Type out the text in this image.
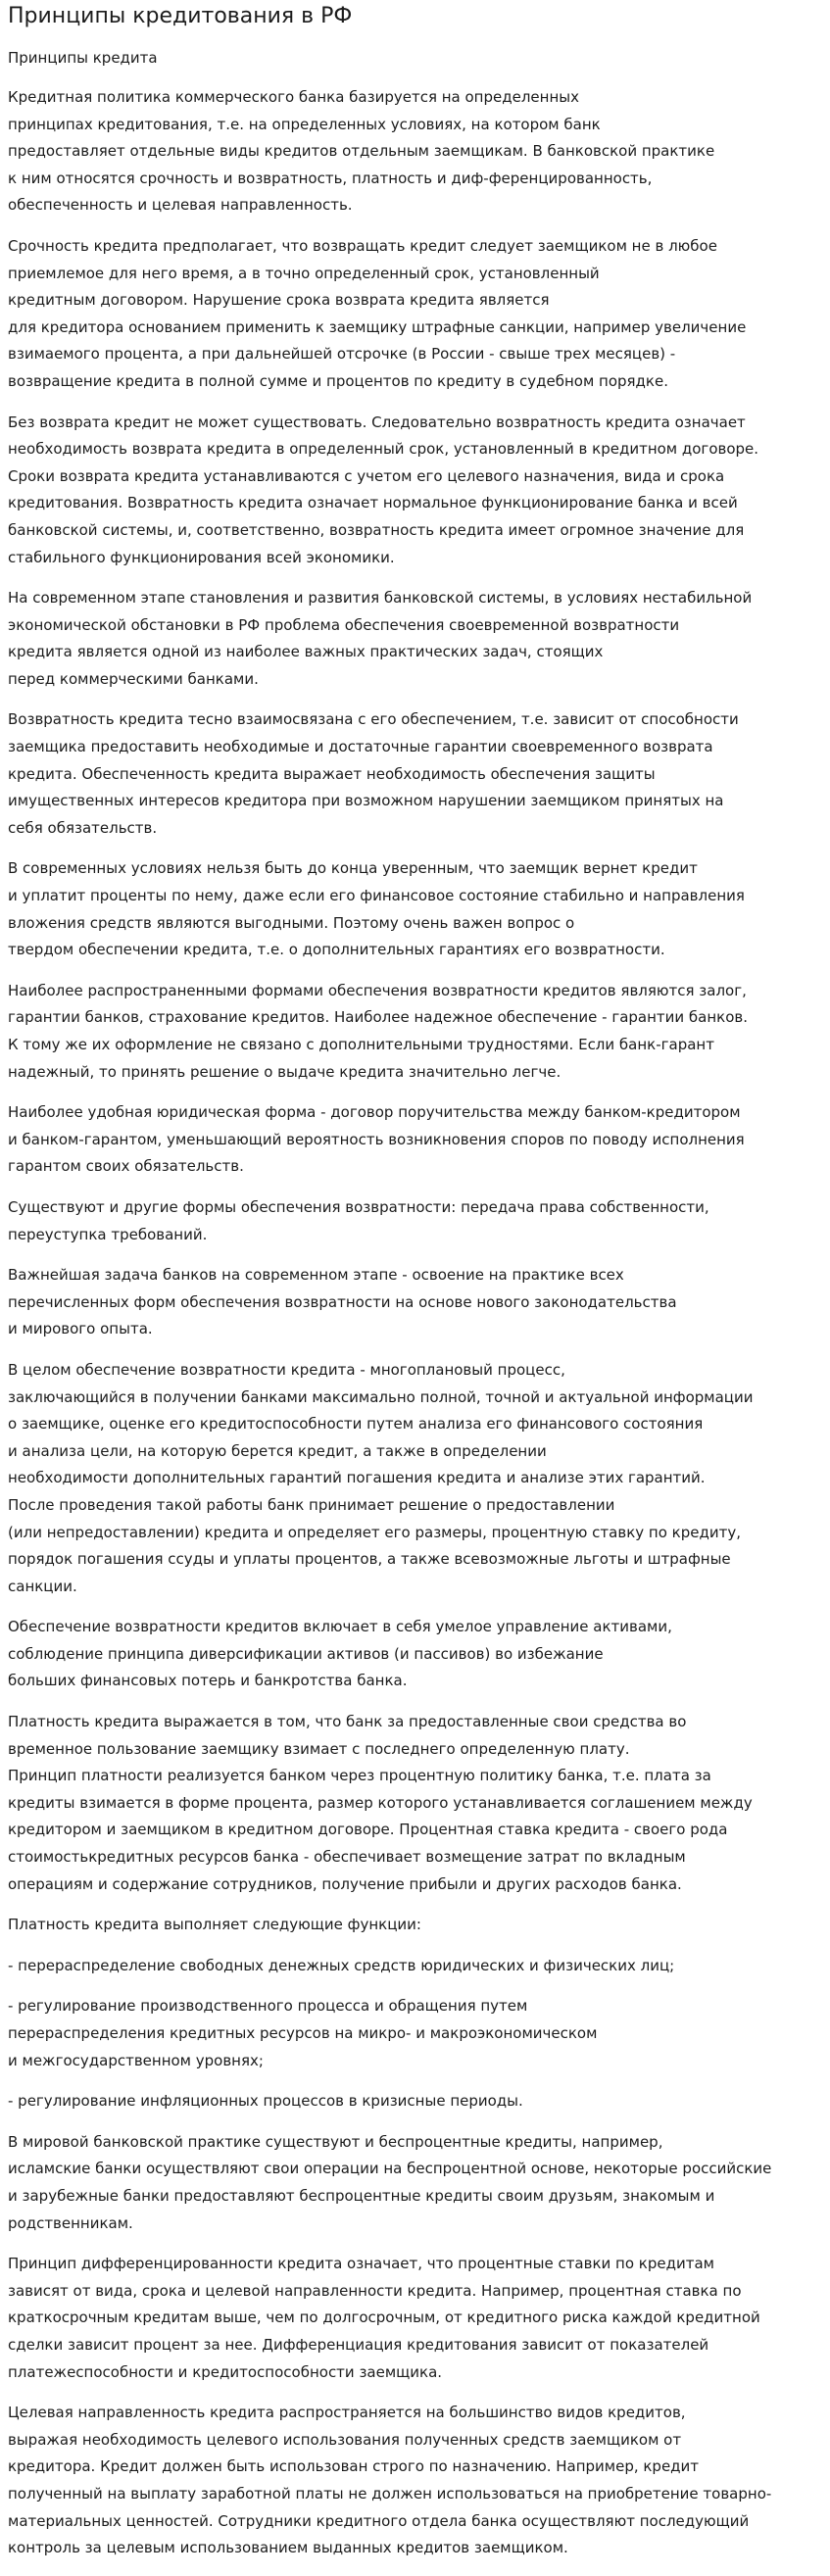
Принципы кредитования в РФ
Принципы кредита

Кредитная политика коммерческого банка базируется на определенных
принципах кредитования, т.е. на определенных условиях, на котором банк
предоставляет отдельные виды кредитов отдельным заемщикам. В банковской практике
к ним относятся срочность и возвратность, платность и диф-ференцированность,
обеспеченность и целевая направленность.

Срочность кредита предполагает, что возвращать кредит следует заемщиком не в любое
приемлемое для него время, а в точно определенный срок, установленный
кредитным договором. Нарушение срока возврата кредита является
для кредитора основанием применить к заемщику штрафные санкции, например увеличение
взимаемого процента, а при дальнейшей отсрочке (в России - свыше трех месяцев) -
возвращение кредита в полной сумме и процентов по кредиту в судебном порядке.

Без возврата кредит не может существовать. Следовательно возвратность кредита означает
необходимость возврата кредита в определенный срок, установленный в кредитном договоре.
Сроки возврата кредита устанавливаются с учетом его целевого назначения, вида и срока
кредитования. Возвратность кредита означает нормальное функционирование банка и всей
банковской системы, и, соответственно, возвратность кредита имеет огромное значение для
стабильного функционирования всей экономики.

На современном этапе становления и развития банковской системы, в условиях нестабильной
экономической обстановки в РФ проблема обеспечения своевременной возвратности
кредита является одной из наиболее важных практических задач, стоящих
перед коммерческими банками.

Возвратность кредита тесно взаимосвязана с его обеспечением, т.е. зависит от способности
заемщика предоставить необходимые и достаточные гарантии своевременного возврата
кредита. Обеспеченность кредита выражает необходимость обеспечения защиты
имущественных интересов кредитора при возможном нарушении заемщиком принятых на
себя обязательств.

В современных условиях нельзя быть до конца уверенным, что заемщик вернет кредит
и уплатит проценты по нему, даже если его финансовое состояние стабильно и направления
вложения средств являются выгодными. Поэтому очень важен вопрос о
твердом обеспечении кредита, т.е. о дополнительных гарантиях его возвратности.

Наиболее распространенными формами обеспечения возвратности кредитов являются залог,
гарантии банков, страхование кредитов. Наиболее надежное обеспечение - гарантии банков.
К тому же их оформление не связано с дополнительными трудностями. Если банк-гарант
надежный, то принять решение о выдаче кредита значительно легче.

Наиболее удобная юридическая форма - договор поручительства между банком-кредитором
и банком-гарантом, уменьшающий вероятность возникновения споров по поводу исполнения
гарантом своих обязательств.

Существуют и другие формы обеспечения возвратности: передача права собственности,
переуступка требований.

Важнейшая задача банков на современном этапе - освоение на практике всех
перечисленных форм обеспечения возвратности на основе нового законодательства
и мирового опыта.

В целом обеспечение возвратности кредита - многоплановый процесс,
заключающийся в получении банками максимально полной, точной и актуальной информации
о заемщике, оценке его кредитоспособности путем анализа его финансового состояния
и анализа цели, на которую берется кредит, а также в определении
необходимости дополнительных гарантий погашения кредита и анализе этих гарантий.
После проведения такой работы банк принимает решение о предоставлении
(или непредоставлении) кредита и определяет его размеры, процентную ставку по кредиту,
порядок погашения ссуды и уплаты процентов, а также всевозможные льготы и штрафные
санкции.

Обеспечение возвратности кредитов включает в себя умелое управление активами,
соблюдение принципа диверсификации активов (и пассивов) во избежание
больших финансовых потерь и банкротства банка.

Платность кредита выражается в том, что банк за предоставленные свои средства во
временное пользование заемщику взимает с последнего определенную плату.
Принцип платности реализуется банком через процентную политику банка, т.е. плата за
кредиты взимается в форме процента, размер которого устанавливается соглашением между
кредитором и заемщиком в кредитном договоре. Процентная ставка кредита - своего рода
стоимостькредитных ресурсов банка - обеспечивает возмещение затрат по вкладным
операциям и содержание сотрудников, получение прибыли и других расходов банка.

Платность кредита выполняет следующие функции:

- перераспределение свободных денежных средств юридических и физических лиц;

- регулирование производственного процесса и обращения путем
перераспределения кредитных ресурсов на микро- и макроэкономическом
и межгосударственном уровнях;

- регулирование инфляционных процессов в кризисные периоды.

В мировой банковской практике существуют и беспроцентные кредиты, например,
исламские банки осуществляют свои операции на беспроцентной основе, некоторые российские
и зарубежные банки предоставляют беспроцентные кредиты своим друзьям, знакомым и
родственникам.

Принцип дифференцированности кредита означает, что процентные ставки по кредитам
зависят от вида, срока и целевой направленности кредита. Например, процентная ставка по
краткосрочным кредитам выше, чем по долгосрочным, от кредитного риска каждой кредитной
сделки зависит процент за нее. Дифференциация кредитования зависит от показателей
платежеспособности и кредитоспособности заемщика.

Целевая направленность кредита распространяется на большинство видов кредитов,
выражая необходимость целевого использования полученных средств заемщиком от
кредитора. Кредит должен быть использован строго по назначению. Например, кредит
полученный на выплату заработной платы не должен использоваться на приобретение товарно-
материальных ценностей. Сотрудники кредитного отдела банка осуществляют последующий
контроль за целевым использованием выданных кредитов заемщиком.
